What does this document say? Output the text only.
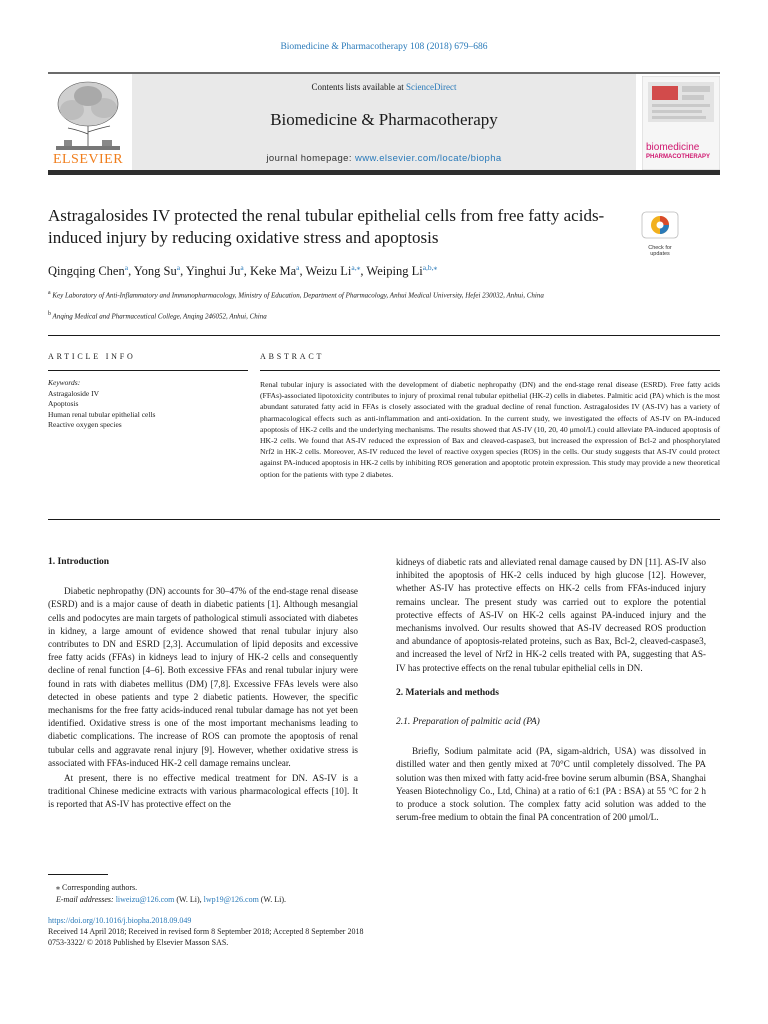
Biomedicine & Pharmacotherapy 108 (2018) 679–686
ELSEVIER
Contents lists available at ScienceDirect
Biomedicine & Pharmacotherapy
journal homepage: www.elsevier.com/locate/biopha
biomedicine
PHARMACOTHERAPY
Astragalosides IV protected the renal tubular epithelial cells from free fatty acids-induced injury by reducing oxidative stress and apoptosis
Check for updates
Qingqing Chen$^a$, Yong Su$^a$, Yinghui Ju$^a$, Keke Ma$^a$, Weizu $Li^{a,⁎}$, Weiping $Li^{a,b,⁎}$
$^a$ Key Laboratory of Anti-Inflammatory and Immunopharmacology, Ministry of Education, Department of Pharmacology, Anhui Medical University, Hefei 230032, Anhui, China
$^b$ Anqing Medical and Pharmaceutical College, Anqing 246052, Anhui, China
ARTICLE INFO	ABSTRACT
Keywords:
Astragaloside IV
Apoptosis
Human renal tubular epithelial cells
Reactive oxygen species
Renal tubular injury is associated with the development of diabetic nephropathy (DN) and the end-stage renal disease (ESRD). Free fatty acids (FFAs)-associated lipotoxicity contributes to injury of proximal renal tubular epithelial (HK-2) cells in diabetes. Palmitic acid (PA) which is the most abundant saturated fatty acid in FFAs is closely associated with the gradual decline of renal function. Astragalosides IV (AS-IV) has a variety of pharmacological effects such as anti-inflammation and anti-oxidation. In the current study, we investigated the effects of AS-IV on PA-induced apoptosis of HK-2 cells and the underlying mechanisms. The results showed that AS-IV (10, 20, 40 μmol/L) could alleviate PA-induced apoptosis of HK-2 cells. We found that AS-IV reduced the expression of Bax and cleaved-caspase3, but increased the expression of Bcl-2 and phosphorylated Nrf2 in HK-2 cells. Moreover, AS-IV reduced the level of reactive oxygen species (ROS) in the cells. Our study suggests that AS-IV could protect against PA-induced apoptosis in HK-2 cells by inhibiting ROS generation and apoptotic protein expression. This study may provide a new theoretical option for the patients with type 2 diabetes.
1. Introduction
Diabetic nephropathy (DN) accounts for 30–47% of the end-stage renal disease (ESRD) and is a major cause of death in diabetic patients [1]. Although mesangial cells and podocytes are main targets of pathological stimuli associated with diabetes in kidney, a large amount of evidence showed that renal tubular injury also contributes to DN and ESRD [2,3]. Accumulation of lipid deposits and excessive free fatty acids (FFAs) in kidneys lead to injury of HK-2 cells and consequently decline of renal function [4–6]. Both excessive FFAs and renal tubular injury were found in rats with diabetes mellitus (DM) [7,8]. Excessive FFAs levels were also detected in obese patients and type 2 diabetic patients. However, the specific mechanisms for the free fatty acids-induced renal tubular damage has not yet been identified. Oxidative stress is one of the most important mechanisms leading to diabetic complications. The increase of ROS can promote the apoptosis of renal tubular cells and aggravate renal injury [9]. However, whether oxidative stress is associated with FFAs-induced HK-2 cell damage remains unclear.
At present, there is no effective medical treatment for DN. AS-IV is a traditional Chinese medicine extracts with various pharmacological effects [10]. It is reported that AS-IV has protective effect on the
kidneys of diabetic rats and alleviated renal damage caused by DN [11]. AS-IV also inhibited the apoptosis of HK-2 cells induced by high glucose [12]. However, whether AS-IV has protective effects on HK-2 cells from FFAs-induced injury remains unclear. The present study was carried out to explore the potential protective effects of AS-IV on HK-2 cells against PA-induced injury and the mechanisms involved. Our results showed that AS-IV decreased ROS production and abundance of apoptosis-related proteins, such as Bax, Bcl-2, cleaved-caspase3, and increased the level of Nrf2 in HK-2 cells treated with PA, suggesting that AS-IV has protective effects on the renal tubular epithelial cells in DN.
2. Materials and methods
2.1. Preparation of palmitic acid (PA)
Briefly, Sodium palmitate acid (PA, sigam-aldrich, USA) was dissolved in distilled water and then gently mixed at 70°C until completely dissolved. The PA solution was then mixed with fatty acid-free bovine serum albumin (BSA, Shanghai Yeasen Biotechnoligy Co., Ltd, China) at a ratio of 6:1 (PA : BSA) at 55 °C for 2 h to produce a stock solution. The complex fatty acid solution was added to the serum-free medium to obtain the final PA concentration of 200 μmol/L.
⁎ Corresponding authors.
E-mail addresses: liweizu@126.com (W. Li), lwp19@126.com (W. Li).
https://doi.org/10.1016/j.biopha.2018.09.049
Received 14 April 2018; Received in revised form 8 September 2018; Accepted 8 September 2018
0753-3322/ © 2018 Published by Elsevier Masson SAS.
